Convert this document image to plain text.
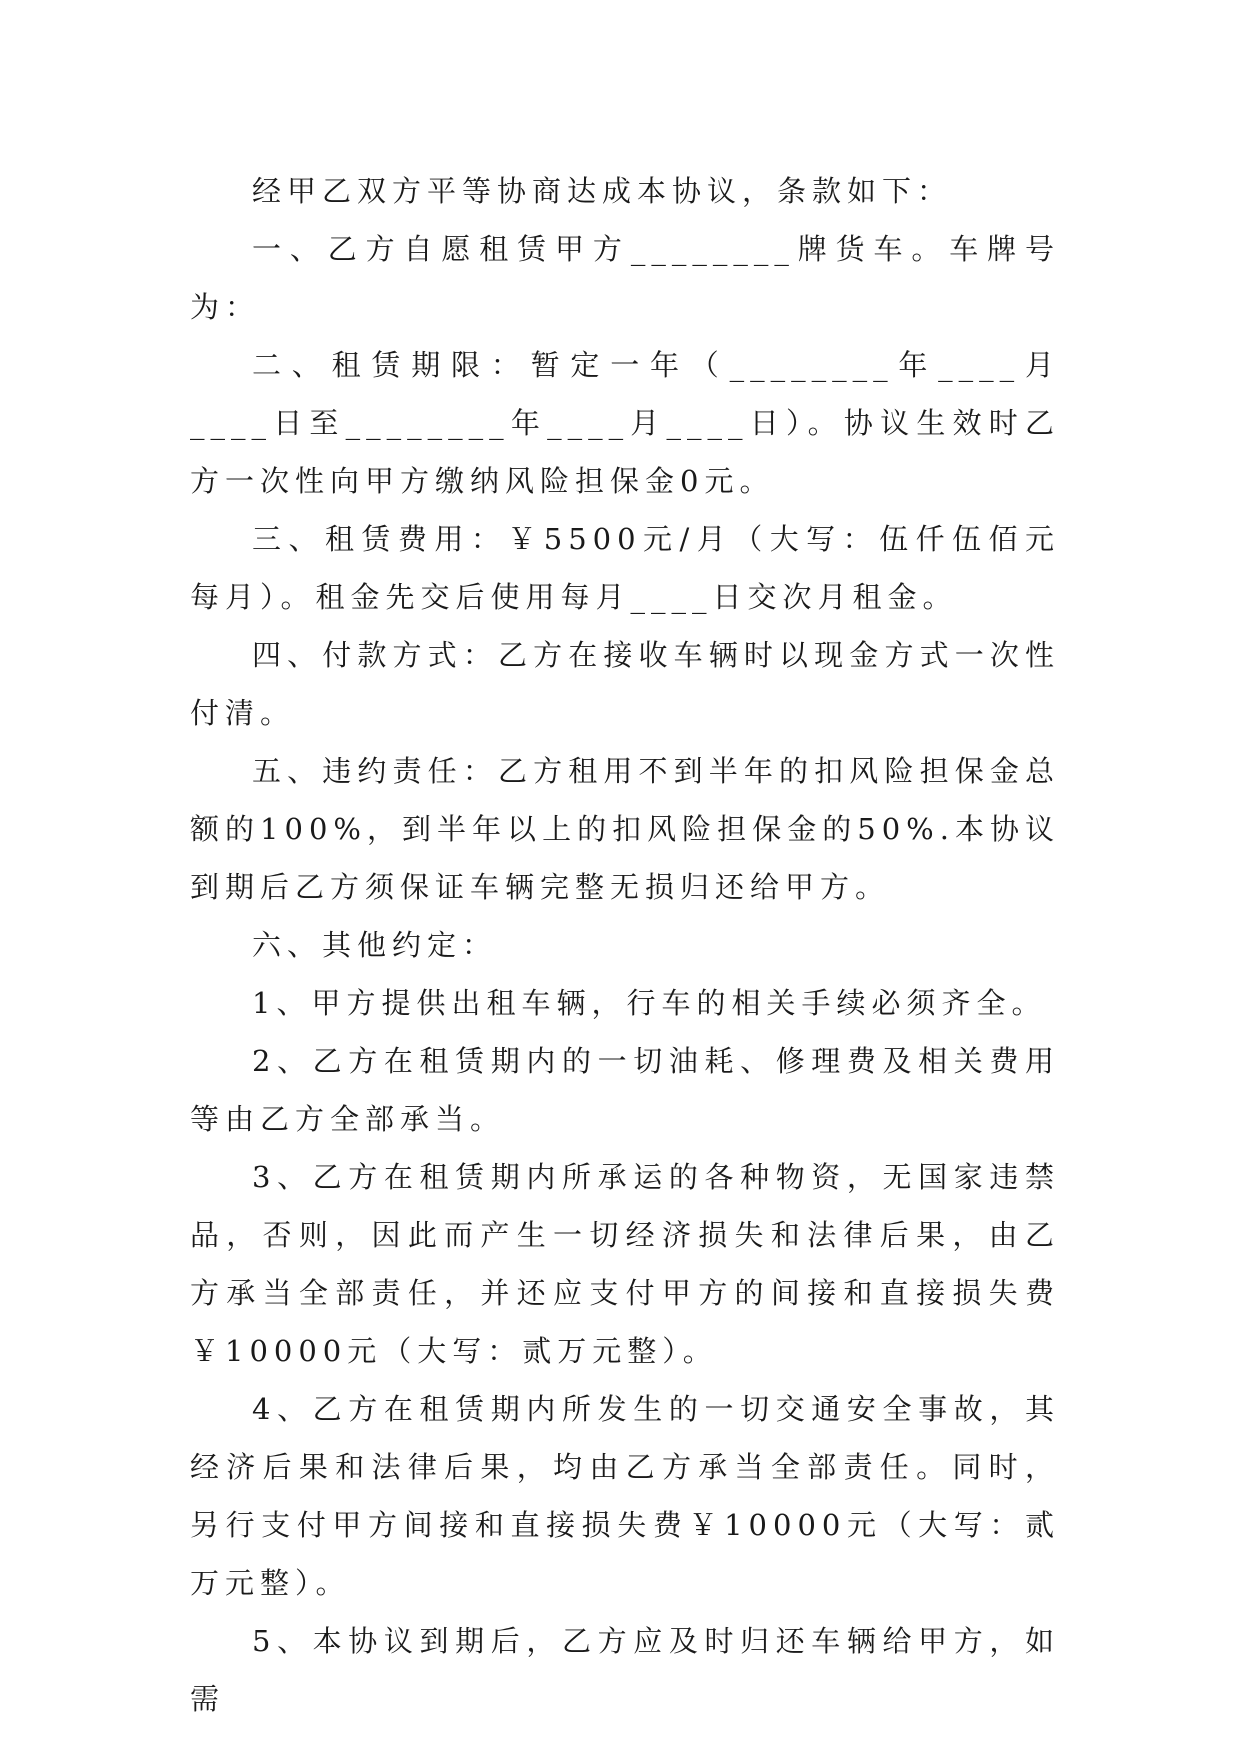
经甲乙双方平等协商达成本协议，条款如下：

一、乙方自愿租赁甲方________牌货车。车牌号为：

二、租赁期限：暂定一年（________年____月____日至________年____月____日）。协议生效时乙方一次性向甲方缴纳风险担保金0元。

三、租赁费用：￥5500元/月（大写：伍仟伍佰元每月）。租金先交后使用每月____日交次月租金。

四、付款方式：乙方在接收车辆时以现金方式一次性付清。

五、违约责任：乙方租用不到半年的扣风险担保金总额的100%，到半年以上的扣风险担保金的50%.本协议到期后乙方须保证车辆完整无损归还给甲方。

六、其他约定：

1、甲方提供出租车辆，行车的相关手续必须齐全。

2、乙方在租赁期内的一切油耗、修理费及相关费用等由乙方全部承当。

3、乙方在租赁期内所承运的各种物资，无国家违禁品，否则，因此而产生一切经济损失和法律后果，由乙方承当全部责任，并还应支付甲方的间接和直接损失费￥10000元（大写：贰万元整）。

4、乙方在租赁期内所发生的一切交通安全事故，其经济后果和法律后果，均由乙方承当全部责任。同时，另行支付甲方间接和直接损失费￥10000元（大写：贰万元整）。

5、本协议到期后，乙方应及时归还车辆给甲方，如需
